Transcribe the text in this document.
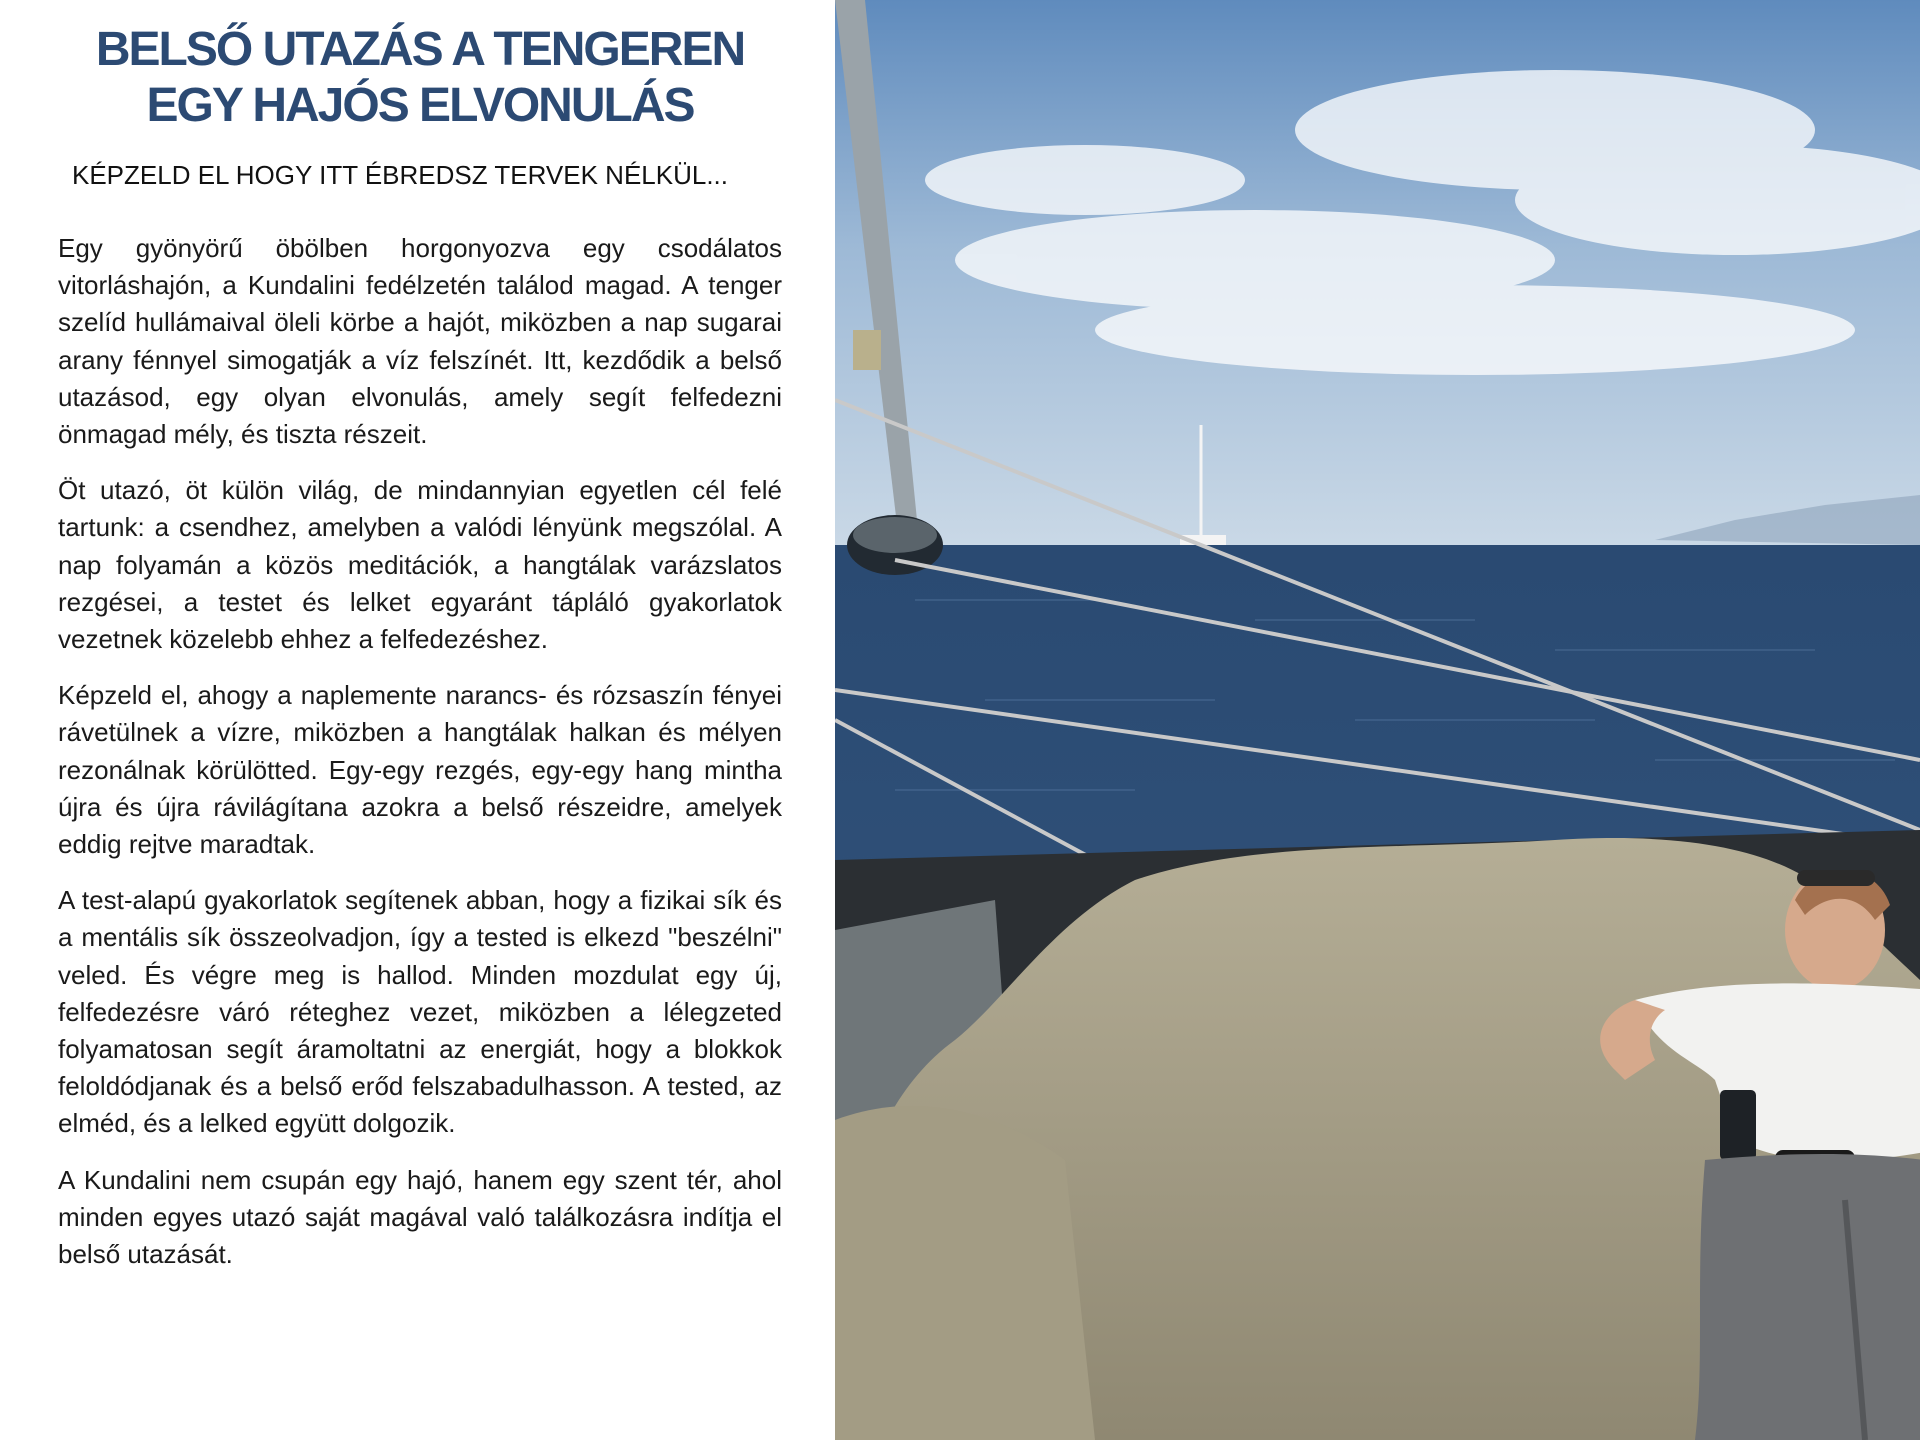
BELSŐ UTAZÁS A TENGEREN
EGY HAJÓS ELVONULÁS
KÉPZELD EL HOGY ITT ÉBREDSZ TERVEK NÉLKÜL...

Egy gyönyörű öbölben horgonyozva egy csodálatos vitorláshajón, a Kundalini fedélzetén találod magad. A tenger szelíd hullámaival öleli körbe a hajót, miközben a nap sugarai arany fénnyel simogatják a víz felszínét. Itt, kezdődik a belső utazásod, egy olyan elvonulás, amely segít felfedezni önmagad mély, és tiszta részeit.

Öt utazó, öt külön világ, de mindannyian egyetlen cél felé tartunk: a csendhez, amelyben a valódi lényünk megszólal. A nap folyamán a közös meditációk, a hangtálak varázslatos rezgései, a testet és lelket egyaránt tápláló gyakorlatok vezetnek közelebb ehhez a felfedezéshez.

Képzeld el, ahogy a naplemente narancs- és rózsaszín fényei rávetülnek a vízre, miközben a hangtálak halkan és mélyen rezonálnak körülötted. Egy-egy rezgés, egy-egy hang mintha újra és újra rávilágítana azokra a belső részeidre, amelyek eddig rejtve maradtak.

A test-alapú gyakorlatok segítenek abban, hogy a fizikai sík és a mentális sík összeolvadjon, így a tested is elkezd "beszélni" veled. És végre meg is hallod. Minden mozdulat egy új, felfedezésre váró réteghez vezet, miközben a lélegzeted folyamatosan segít áramoltatni az energiát, hogy a blokkok feloldódjanak és a belső erőd felszabadulhasson. A tested, az elméd, és a lelked együtt dolgozik.

A Kundalini nem csupán egy hajó, hanem egy szent tér, ahol minden egyes utazó saját magával való találkozásra indítja el belső utazását.
